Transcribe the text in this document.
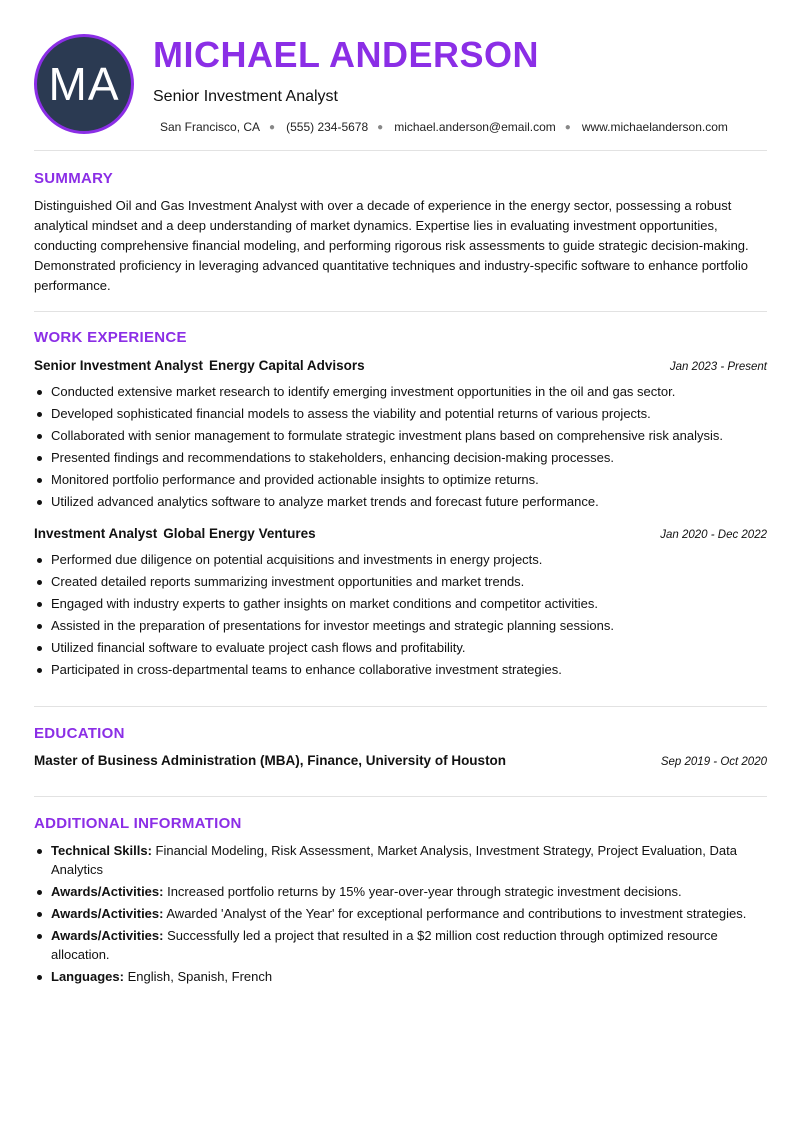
MA
MICHAEL ANDERSON
Senior Investment Analyst
San Francisco, CA ● (555) 234-5678 ● michael.anderson@email.com ● www.michaelanderson.com
SUMMARY

Distinguished Oil and Gas Investment Analyst with over a decade of experience in the energy sector, possessing a robust analytical mindset and a deep understanding of market dynamics. Expertise lies in evaluating investment opportunities, conducting comprehensive financial modeling, and performing rigorous risk assessments to guide strategic decision-making. Demonstrated proficiency in leveraging advanced quantitative techniques and industry-specific software to enhance portfolio performance.

WORK EXPERIENCE
Senior Investment Analyst Energy Capital Advisors	Jan 2023 - Present
Conducted extensive market research to identify emerging investment opportunities in the oil and gas sector.
Developed sophisticated financial models to assess the viability and potential returns of various projects.
Collaborated with senior management to formulate strategic investment plans based on comprehensive risk analysis.
Presented findings and recommendations to stakeholders, enhancing decision-making processes.
Monitored portfolio performance and provided actionable insights to optimize returns.
Utilized advanced analytics software to analyze market trends and forecast future performance.
Investment Analyst Global Energy Ventures	Jan 2020 - Dec 2022
Performed due diligence on potential acquisitions and investments in energy projects.
Created detailed reports summarizing investment opportunities and market trends.
Engaged with industry experts to gather insights on market conditions and competitor activities.
Assisted in the preparation of presentations for investor meetings and strategic planning sessions.
Utilized financial software to evaluate project cash flows and profitability.
Participated in cross-departmental teams to enhance collaborative investment strategies.
EDUCATION
Master of Business Administration (MBA), Finance, University of Houston	Sep 2019 - Oct 2020
ADDITIONAL INFORMATION
Technical Skills: Financial Modeling, Risk Assessment, Market Analysis, Investment Strategy, Project Evaluation, Data Analytics
Awards/Activities: Increased portfolio returns by 15% year-over-year through strategic investment decisions.
Awards/Activities: Awarded 'Analyst of the Year' for exceptional performance and contributions to investment strategies.
Awards/Activities: Successfully led a project that resulted in a $2 million cost reduction through optimized resource allocation.
Languages: English, Spanish, French
